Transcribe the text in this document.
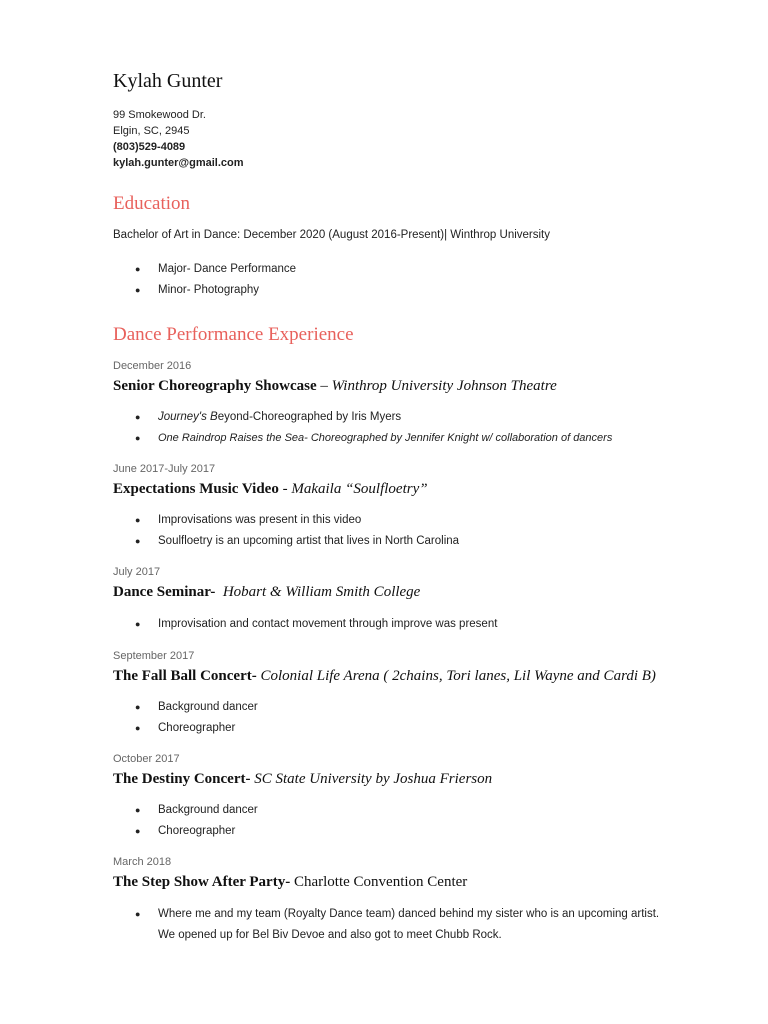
Kylah Gunter
99 Smokewood Dr.
Elgin, SC, 2945
(803)529-4089
kylah.gunter@gmail.com
Education
Bachelor of Art in Dance: December 2020 (August 2016-Present)| Winthrop University
● Major- Dance Performance
● Minor- Photography
Dance Performance Experience
December 2016
Senior Choreography Showcase – Winthrop University Johnson Theatre
● Journey's Beyond-Choreographed by Iris Myers
● One Raindrop Raises the Sea- Choreographed by Jennifer Knight w/ collaboration of dancers
June 2017-July 2017
Expectations Music Video - Makaila “Soulfloetry”
● Improvisations was present in this video
● Soulfloetry is an upcoming artist that lives in North Carolina
July 2017
Dance Seminar- Hobart & William Smith College
● Improvisation and contact movement through improve was present
September 2017
The Fall Ball Concert- Colonial Life Arena ( 2chains, Tori lanes, Lil Wayne and Cardi B)
● Background dancer
● Choreographer
October 2017
The Destiny Concert- SC State University by Joshua Frierson
● Background dancer
● Choreographer
March 2018
The Step Show After Party- Charlotte Convention Center
● Where me and my team (Royalty Dance team) danced behind my sister who is an upcoming artist. We opened up for Bel Biv Devoe and also got to meet Chubb Rock.
